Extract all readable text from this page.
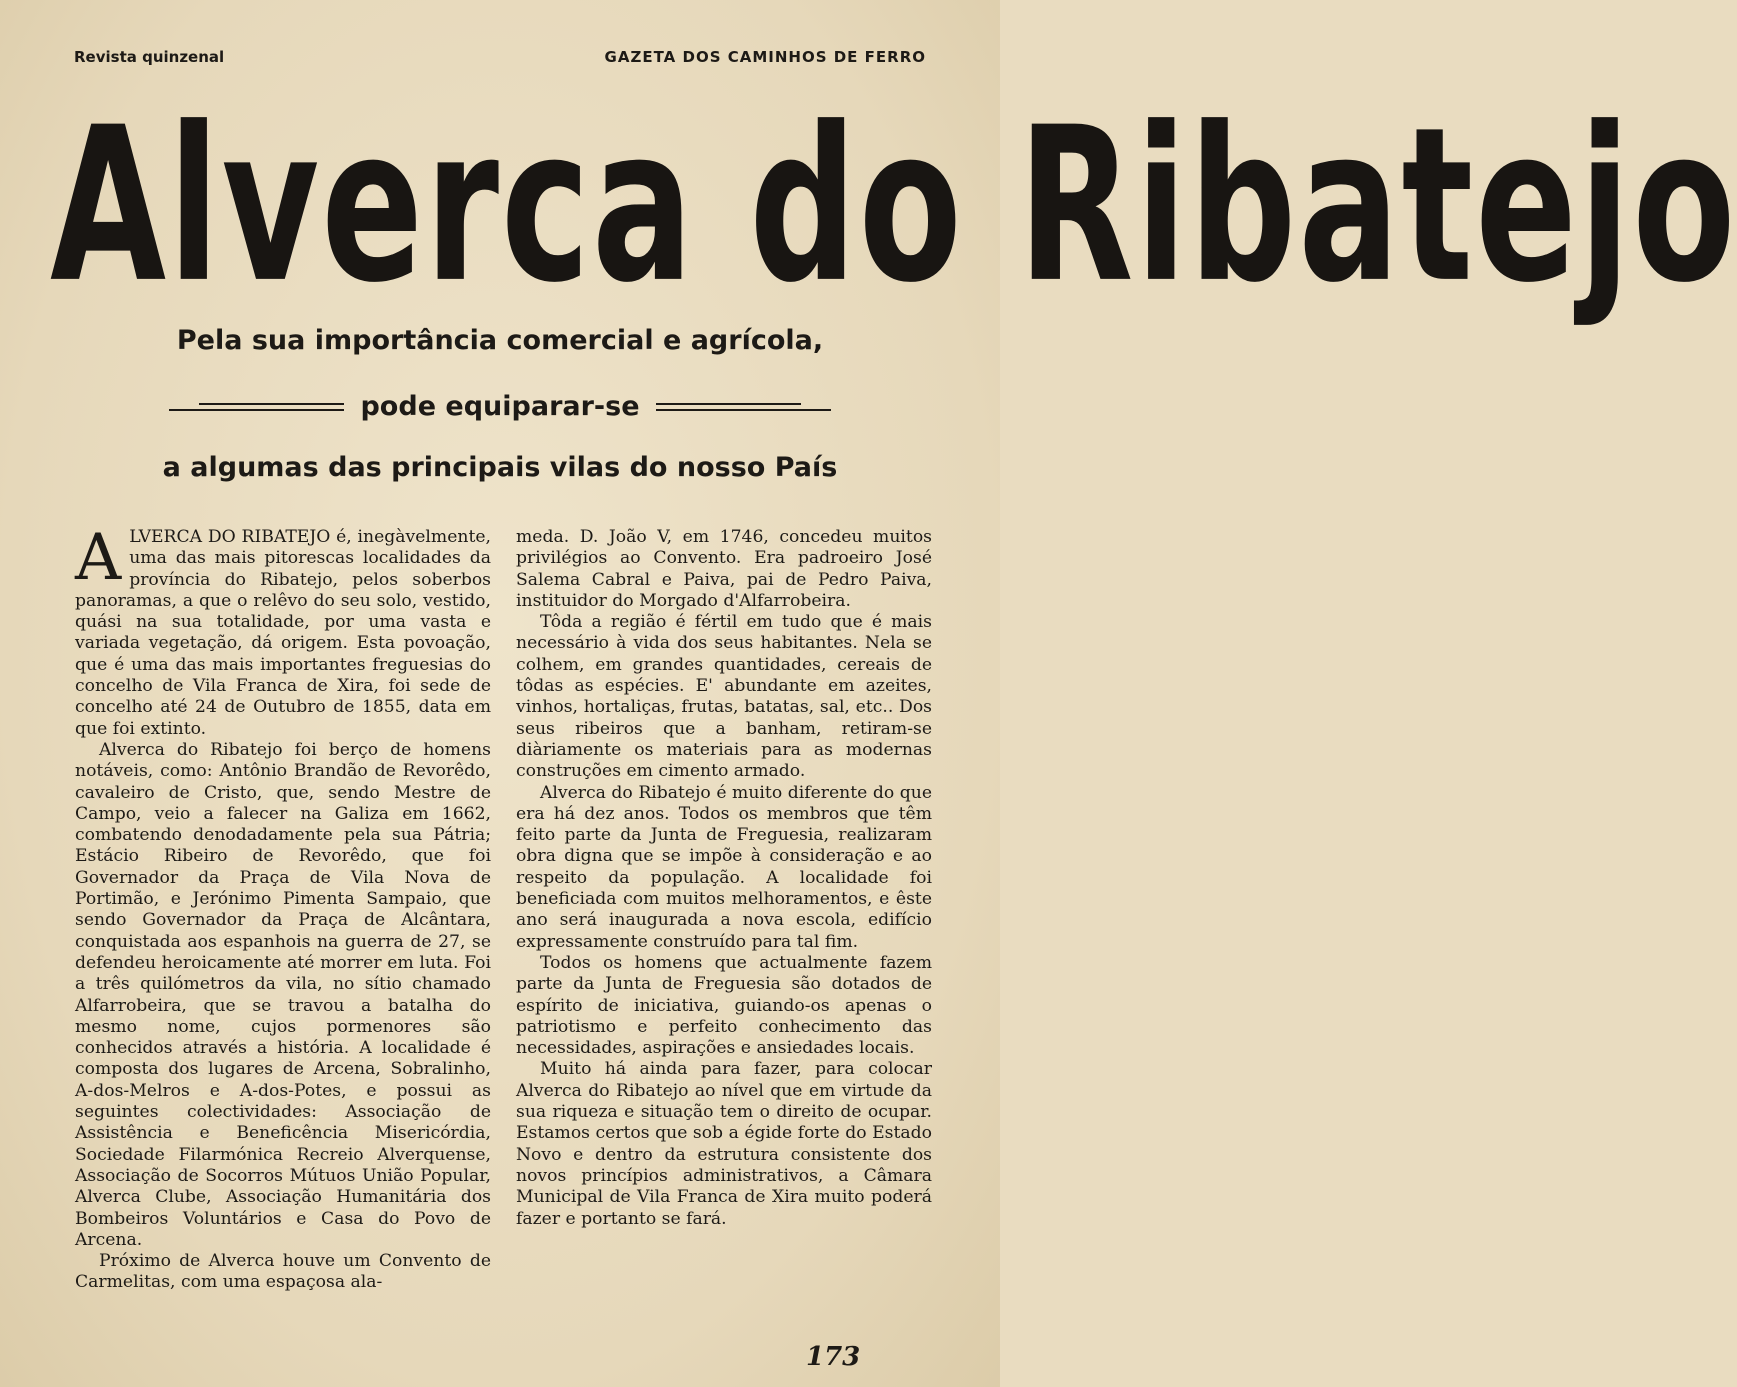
Revista quinzenal	GAZETA DOS CAMINHOS DE FERRO
Alverca do Ribatejo
Pela sua importância comercial e agrícola,
pode equiparar-se
a algumas das principais vilas do nosso País

ALVERCA DO RIBATEJO é, inegàvelmente, uma das mais pitorescas localidades da província do Ribatejo, pelos soberbos panoramas, a que o relêvo do seu solo, vestido, quási na sua totalidade, por uma vasta e variada vegetação, dá origem. Esta povoação, que é uma das mais importantes freguesias do concelho de Vila Franca de Xira, foi sede de concelho até 24 de Outubro de 1855, data em que foi extinto.

Alverca do Ribatejo foi berço de homens notáveis, como: Antônio Brandão de Revorêdo, cavaleiro de Cristo, que, sendo Mestre de Campo, veio a falecer na Galiza em 1662, combatendo denodadamente pela sua Pátria; Estácio Ribeiro de Revorêdo, que foi Governador da Praça de Vila Nova de Portimão, e Jerónimo Pimenta Sampaio, que sendo Governador da Praça de Alcântara, conquistada aos espanhois na guerra de 27, se defendeu heroicamente até morrer em luta. Foi a três quilómetros da vila, no sítio chamado Alfarrobeira, que se travou a batalha do mesmo nome, cujos pormenores são conhecidos através a história. A localidade é composta dos lugares de Arcena, Sobralinho, A-dos-Melros e A-dos-Potes, e possui as seguintes colectividades: Associação de Assistência e Beneficência Misericórdia, Sociedade Filarmónica Recreio Alverquense, Associação de Socorros Mútuos União Popular, Alverca Clube, Associação Humanitária dos Bombeiros Voluntários e Casa do Povo de Arcena.

Próximo de Alverca houve um Convento de Carmelitas, com uma espaçosa ala-

meda. D. João V, em 1746, concedeu muitos privilégios ao Convento. Era padroeiro José Salema Cabral e Paiva, pai de Pedro Paiva, instituidor do Morgado d'Alfarrobeira.

Tôda a região é fértil em tudo que é mais necessário à vida dos seus habitantes. Nela se colhem, em grandes quantidades, cereais de tôdas as espécies. E' abundante em azeites, vinhos, hortaliças, frutas, batatas, sal, etc.. Dos seus ribeiros que a banham, retiram-se diàriamente os materiais para as modernas construções em cimento armado.

Alverca do Ribatejo é muito diferente do que era há dez anos. Todos os membros que têm feito parte da Junta de Freguesia, realizaram obra digna que se impõe à consideração e ao respeito da população. A localidade foi beneficiada com muitos melhoramentos, e êste ano será inaugurada a nova escola, edifício expressamente construído para tal fim.

Todos os homens que actualmente fazem parte da Junta de Freguesia são dotados de espírito de iniciativa, guiando-os apenas o patriotismo e perfeito conhecimento das necessidades, aspirações e ansiedades locais.

Muito há ainda para fazer, para colocar Alverca do Ribatejo ao nível que em virtude da sua riqueza e situação tem o direito de ocupar. Estamos certos que sob a égide forte do Estado Novo e dentro da estrutura consistente dos novos princípios administrativos, a Câmara Municipal de Vila Franca de Xira muito poderá fazer e portanto se fará.

173
